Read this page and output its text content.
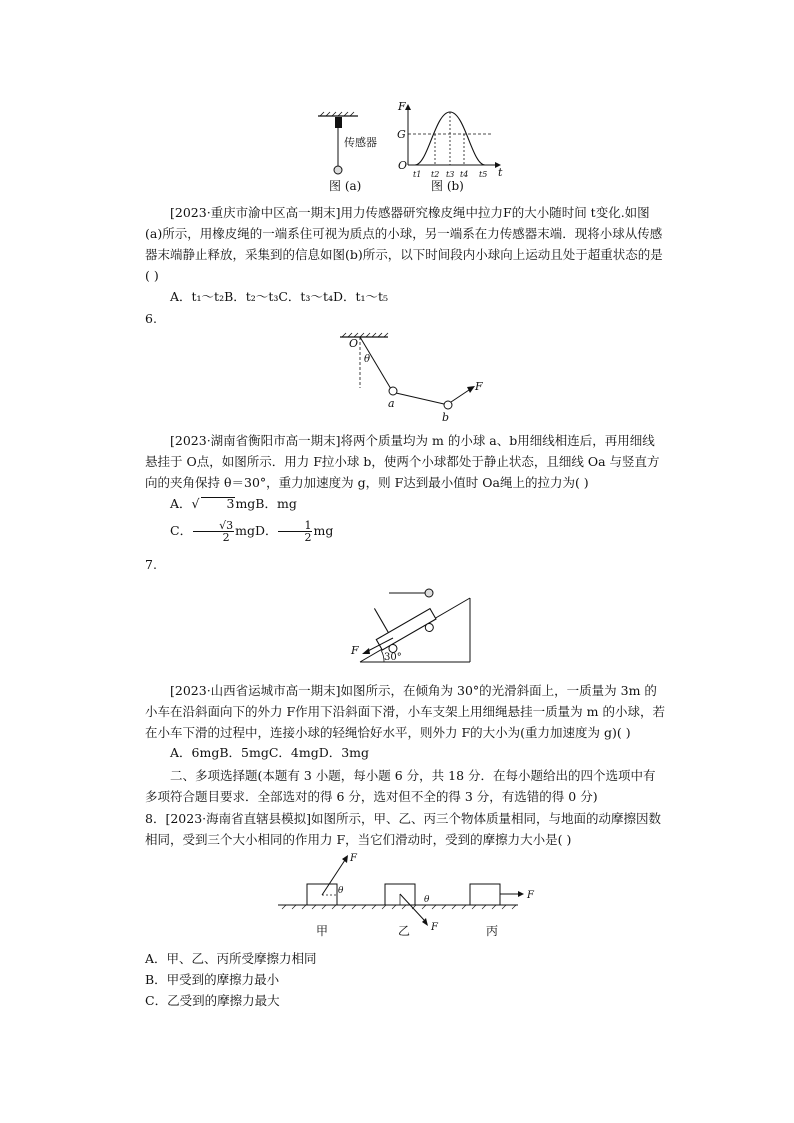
传感器
图 (a)
F
G
O
t
t1 t2 t3 t4 t5
图 (b)

[2023·重庆市渝中区高一期末]用力传感器研究橡皮绳中拉力F的大小随时间 t变化.如图(a)所示，用橡皮绳的一端系住可视为质点的小球，另一端系在力传感器末端．现将小球从传感器末端静止释放，采集到的信息如图(b)所示，以下时间段内小球向上运动且处于超重状态的是( )

A．t₁～t₂B．t₂～t₃C．t₃～t₄D．t₁～t₅
6.
O
θ
a
b
F

[2023·湖南省衡阳市高一期末]将两个质量均为 m 的小球 a、b用细线相连后，再用细线悬挂于 O点，如图所示．用力 F拉小球 b，使两个小球都处于静止状态，且细线 Oa 与竖直方向的夹角保持 θ＝30°，重力加速度为 g，则 F达到最小值时 Oa绳上的拉力为( )

A．√ 3mgB．mg
C． $\frac{√3}{2}$ mgD． $\frac{1}{2}$ mg
7.
F
30°

[2023·山西省运城市高一期末]如图所示，在倾角为 30°的光滑斜面上，一质量为 3m 的小车在沿斜面向下的外力 F作用下沿斜面下滑，小车支架上用细绳悬挂一质量为 m 的小球，若在小车下滑的过程中，连接小球的轻绳恰好水平，则外力 F的大小为(重力加速度为 g)( )

A．6mgB．5mgC．4mgD．3mg

二、多项选择题(本题有 3 小题，每小题 6 分，共 18 分．在每小题给出的四个选项中有多项符合题目要求．全部选对的得 6 分，选对但不全的得 3 分，有选错的得 0 分)

8．[2023·海南省直辖县模拟]如图所示，甲、乙、丙三个物体质量相同，与地面的动摩擦因数相同，受到三个大小相同的作用力 F，当它们滑动时，受到的摩擦力大小是( )

F
θ
F
θ	F
甲	乙	丙
A．甲、乙、丙所受摩擦力相同
B．甲受到的摩擦力最小
C．乙受到的摩擦力最大
